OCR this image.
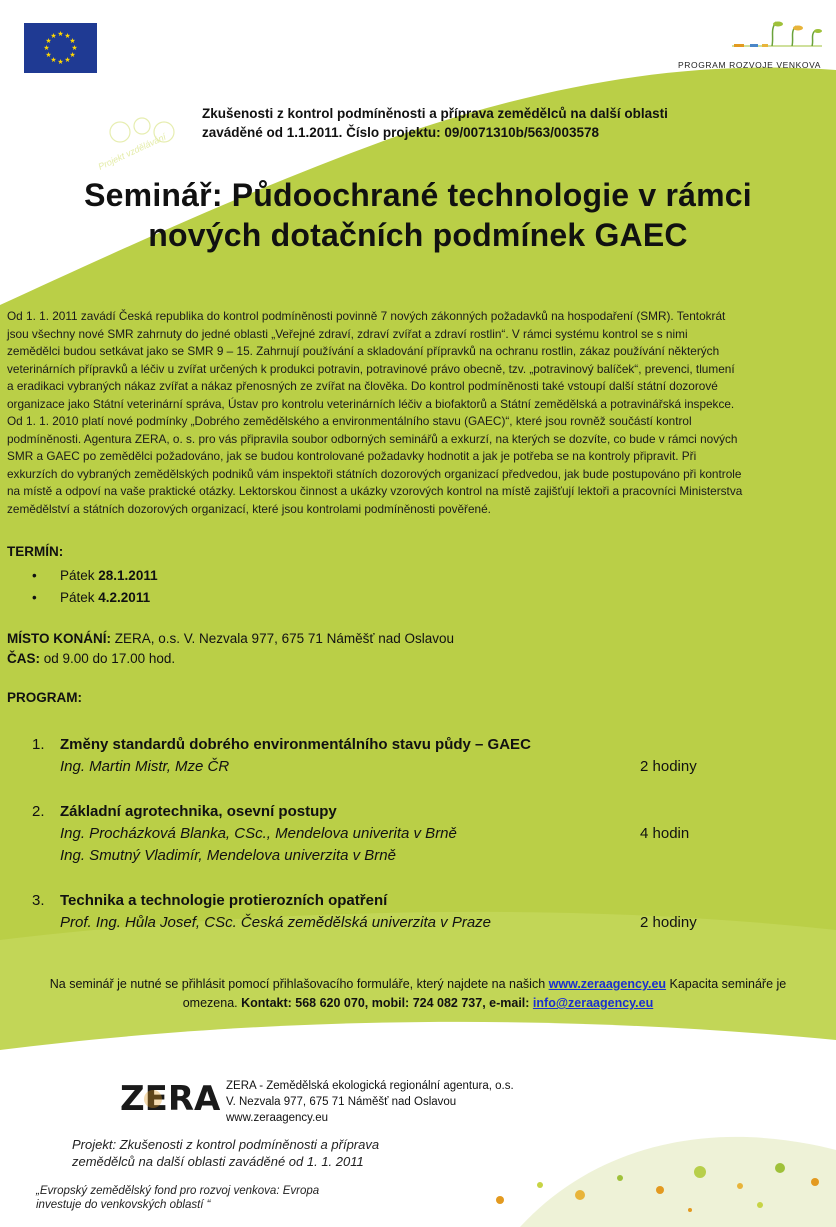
★ ★
★
★
★
★
★
★
★
★
★
★
PROGRAM ROZVOJE VENKOVA
Projekt vzdělávání
Zkušenosti z kontrol podmíněnosti a příprava zemědělců na další oblasti
zaváděné od 1.1.2011. Číslo projektu: 09/0071310b/563/003578
Seminář: Půdoochrané technologie v rámci
nových dotačních podmínek GAEC
Od 1. 1. 2011 zavádí Česká republika do kontrol podmíněnosti povinně 7 nových zákonných požadavků na hospodaření (SMR). Tentokrát
jsou všechny nové SMR zahrnuty do jedné oblasti „Veřejné zdraví, zdraví zvířat a zdraví rostlin“. V rámci systému kontrol se s nimi
zemědělci budou setkávat jako se SMR 9 – 15. Zahrnují používání a skladování přípravků na ochranu rostlin, zákaz používání některých
veterinárních přípravků a léčiv u zvířat určených k produkci potravin, potravinové právo obecně, tzv. „potravinový balíček“, prevenci, tlumení
a eradikaci vybraných nákaz zvířat a nákaz přenosných ze zvířat na člověka. Do kontrol podmíněnosti také vstoupí další státní dozorové
organizace jako Státní veterinární správa, Ústav pro kontrolu veterinárních léčiv a biofaktorů a Státní zemědělská a potravinářská inspekce.
Od 1. 1. 2010 platí nové podmínky „Dobrého zemědělského a environmentálního stavu (GAEC)“, které jsou rovněž součástí kontrol
podmíněnosti. Agentura ZERA, o. s. pro vás připravila soubor odborných seminářů a exkurzí, na kterých se dozvíte, co bude v rámci nových
SMR a GAEC po zemědělci požadováno, jak se budou kontrolované požadavky hodnotit a jak je potřeba se na kontroly připravit. Při
exkurzích do vybraných zemědělských podniků vám inspektoři státních dozorových organizací předvedou, jak bude postupováno při kontrole
na místě a odpoví na vaše praktické otázky. Lektorskou činnost a ukázky vzorových kontrol na místě zajišťují lektoři a pracovníci Ministerstva
zemědělství a státních dozorových organizací, které jsou kontrolami podmíněnosti pověřené.
TERMÍN:
• Pátek 28.1.2011
• Pátek 4.2.2011
MÍSTO KONÁNÍ: ZERA, o.s. V. Nezvala 977, 675 71 Náměšť nad Oslavou
ČAS: od 9.00 do 17.00 hod.
PROGRAM:
1. Změny standardů dobrého environmentálního stavu půdy – GAEC
Ing. Martin Mistr, Mze ČR	2 hodiny
2. Základní agrotechnika, osevní postupy
Ing. Procházková Blanka, CSc., Mendelova univerita v Brně
Ing. Smutný Vladimír, Mendelova univerzita v Brně
4 hodin
3. Technika a technologie protierozních opatření
Prof. Ing. Hůla Josef, CSc. Česká zemědělská univerzita v Praze	2 hodiny
Na seminář je nutné se přihlásit pomocí přihlašovacího formuláře, který najdete na našich www.zeraagency.eu Kapacita semináře je
omezena. Kontakt: 568 620 070, mobil: 724 082 737, e-mail: info@zeraagency.eu
ZERA ZERA - Zemědělská ekologická regionální agentura, o.s.
V. Nezvala 977, 675 71 Náměšť nad Oslavou
www.zeraagency.eu
Projekt: Zkušenosti z kontrol podmíněnosti a příprava
zemědělců na další oblasti zaváděné od 1. 1. 2011
„Evropský zemědělský fond pro rozvoj venkova: Evropa
investuje do venkovských oblastí “
